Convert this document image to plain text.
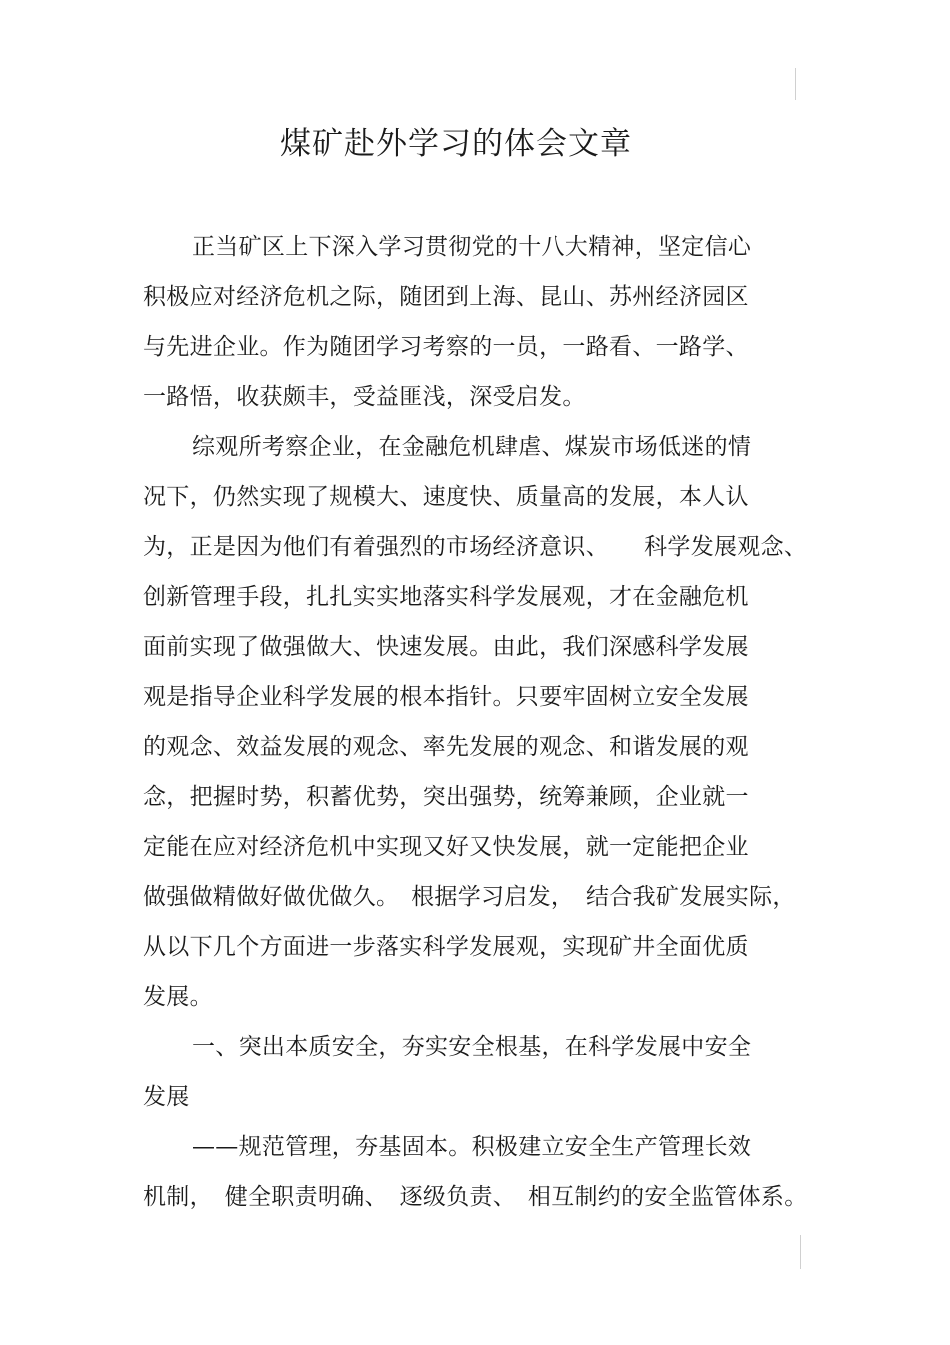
煤矿赴外学习的体会文章
正当矿区上下深入学习贯彻党的十八大精神，坚定信心
积极应对经济危机之际，随团到上海、昆山、苏州经济园区
与先进企业。作为随团学习考察的一员，一路看、一路学、
一路悟，收获颇丰，受益匪浅，深受启发。
综观所考察企业，在金融危机肆虐、煤炭市场低迷的情
况下，仍然实现了规模大、速度快、质量高的发展，本人认
为，正是因为他们有着强烈的市场经济意识、　　科学发展观念、
创新管理手段，扎扎实实地落实科学发展观，才在金融危机
面前实现了做强做大、快速发展。由此，我们深感科学发展
观是指导企业科学发展的根本指针。只要牢固树立安全发展
的观念、效益发展的观念、率先发展的观念、和谐发展的观
念，把握时势，积蓄优势，突出强势，统筹兼顾，企业就一
定能在应对经济危机中实现又好又快发展，就一定能把企业
做强做精做好做优做久。　根据学习启发，　结合我矿发展实际，
从以下几个方面进一步落实科学发展观，实现矿井全面优质
发展。
一、突出本质安全，夯实安全根基，在科学发展中安全
发展
——规范管理，夯基固本。积极建立安全生产管理长效
机制，　健全职责明确、　逐级负责、　相互制约的安全监管体系。
